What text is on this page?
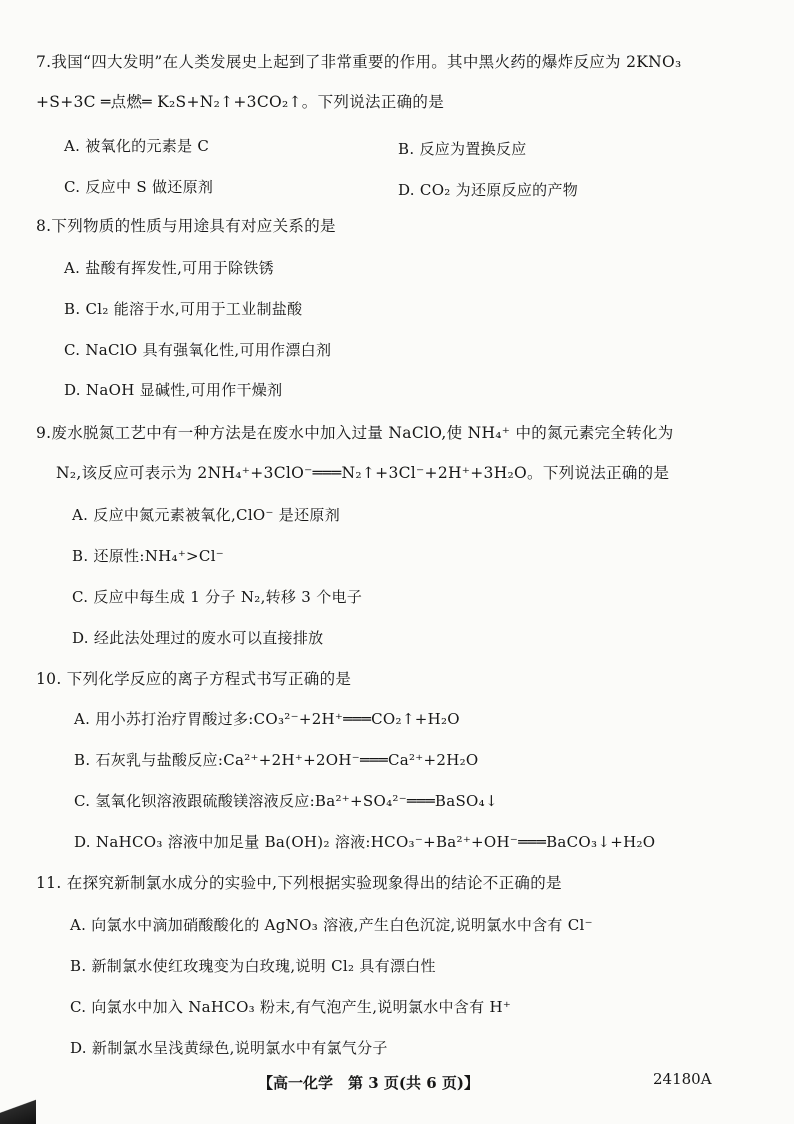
7.我国“四大发明”在人类发展史上起到了非常重要的作用。其中黑火药的爆炸反应为 2KNO₃
+S+3C ═点燃═ K₂S+N₂↑+3CO₂↑。下列说法正确的是
A. 被氧化的元素是 C	B. 反应为置换反应
C. 反应中 S 做还原剂	D. CO₂ 为还原反应的产物
8.下列物质的性质与用途具有对应关系的是
A. 盐酸有挥发性,可用于除铁锈
B. Cl₂ 能溶于水,可用于工业制盐酸
C. NaClO 具有强氧化性,可用作漂白剂
D. NaOH 显碱性,可用作干燥剂
9.废水脱氮工艺中有一种方法是在废水中加入过量 NaClO,使 NH₄⁺ 中的氮元素完全转化为
N₂,该反应可表示为 2NH₄⁺+3ClO⁻═══N₂↑+3Cl⁻+2H⁺+3H₂O。下列说法正确的是
A. 反应中氮元素被氧化,ClO⁻ 是还原剂
B. 还原性:NH₄⁺>Cl⁻
C. 反应中每生成 1 分子 N₂,转移 3 个电子
D. 经此法处理过的废水可以直接排放
10. 下列化学反应的离子方程式书写正确的是
A. 用小苏打治疗胃酸过多:CO₃²⁻+2H⁺═══CO₂↑+H₂O
B. 石灰乳与盐酸反应:Ca²⁺+2H⁺+2OH⁻═══Ca²⁺+2H₂O
C. 氢氧化钡溶液跟硫酸镁溶液反应:Ba²⁺+SO₄²⁻═══BaSO₄↓
D. NaHCO₃ 溶液中加足量 Ba(OH)₂ 溶液:HCO₃⁻+Ba²⁺+OH⁻═══BaCO₃↓+H₂O
11. 在探究新制氯水成分的实验中,下列根据实验现象得出的结论不正确的是
A. 向氯水中滴加硝酸酸化的 AgNO₃ 溶液,产生白色沉淀,说明氯水中含有 Cl⁻
B. 新制氯水使红玫瑰变为白玫瑰,说明 Cl₂ 具有漂白性
C. 向氯水中加入 NaHCO₃ 粉末,有气泡产生,说明氯水中含有 H⁺
D. 新制氯水呈浅黄绿色,说明氯水中有氯气分子
【高一化学　第 3 页(共 6 页)】	24180A
